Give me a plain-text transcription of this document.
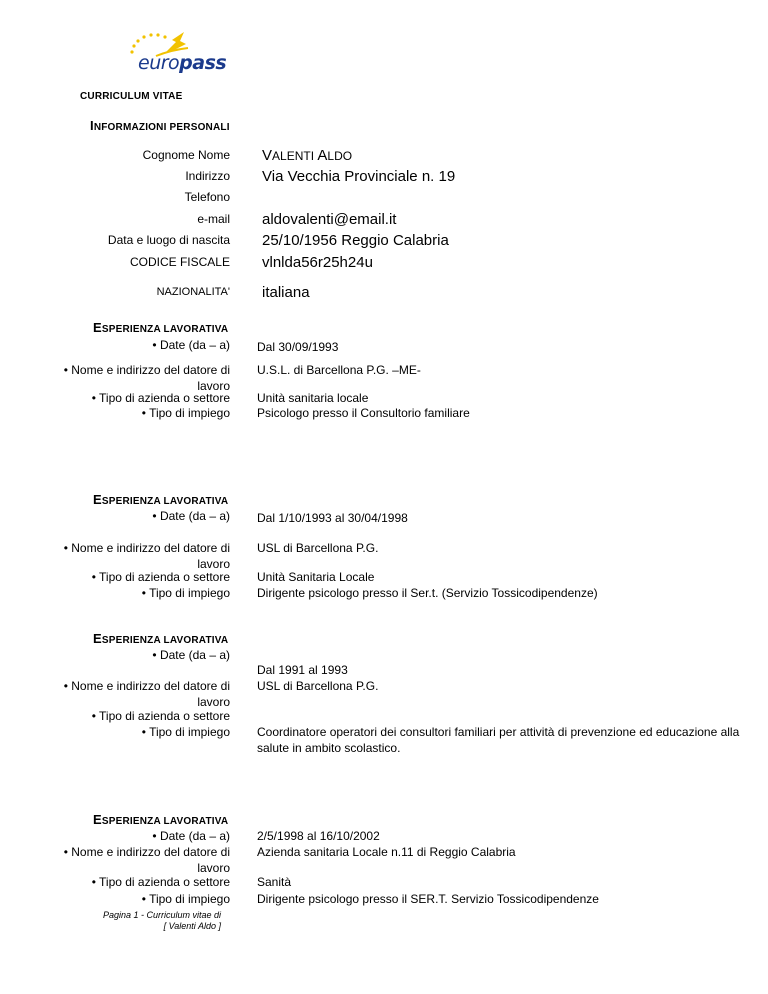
europass
CURRICULUM VITAE
INFORMAZIONI PERSONALI
Cognome Nome
Indirizzo
Telefono
e-mail
Data e luogo di nascita
CODICE FISCALE
NAZIONALITA'
VALENTI ALDO
Via Vecchia Provinciale n. 19
aldovalenti@email.it
25/10/1956 Reggio Calabria
vlnlda56r25h24u
italiana
ESPERIENZA LAVORATIVA
• Date (da – a)
• Nome e indirizzo del datore di
lavoro
• Tipo di azienda o settore
• Tipo di impiego
Dal 30/09/1993
U.S.L. di Barcellona P.G. –ME-
Unità sanitaria locale
Psicologo presso il Consultorio familiare
ESPERIENZA LAVORATIVA
• Date (da – a)
• Nome e indirizzo del datore di
lavoro
• Tipo di azienda o settore
• Tipo di impiego
Dal 1/10/1993 al 30/04/1998
USL di Barcellona P.G.
Unità Sanitaria Locale
Dirigente psicologo presso il Ser.t. (Servizio Tossicodipendenze)
ESPERIENZA LAVORATIVA
• Date (da – a)
• Nome e indirizzo del datore di
lavoro
• Tipo di azienda o settore
• Tipo di impiego
Dal 1991 al 1993
USL di Barcellona P.G.
Coordinatore operatori dei consultori familiari per attività di prevenzione ed educazione alla
salute in ambito scolastico.
ESPERIENZA LAVORATIVA
• Date (da – a)
• Nome e indirizzo del datore di
lavoro
• Tipo di azienda o settore
• Tipo di impiego
2/5/1998 al 16/10/2002
Azienda sanitaria Locale n.11 di Reggio Calabria
Sanità
Dirigente psicologo presso il SER.T. Servizio Tossicodipendenze
Pagina 1 - Curriculum vitae di
[ Valenti Aldo ]
